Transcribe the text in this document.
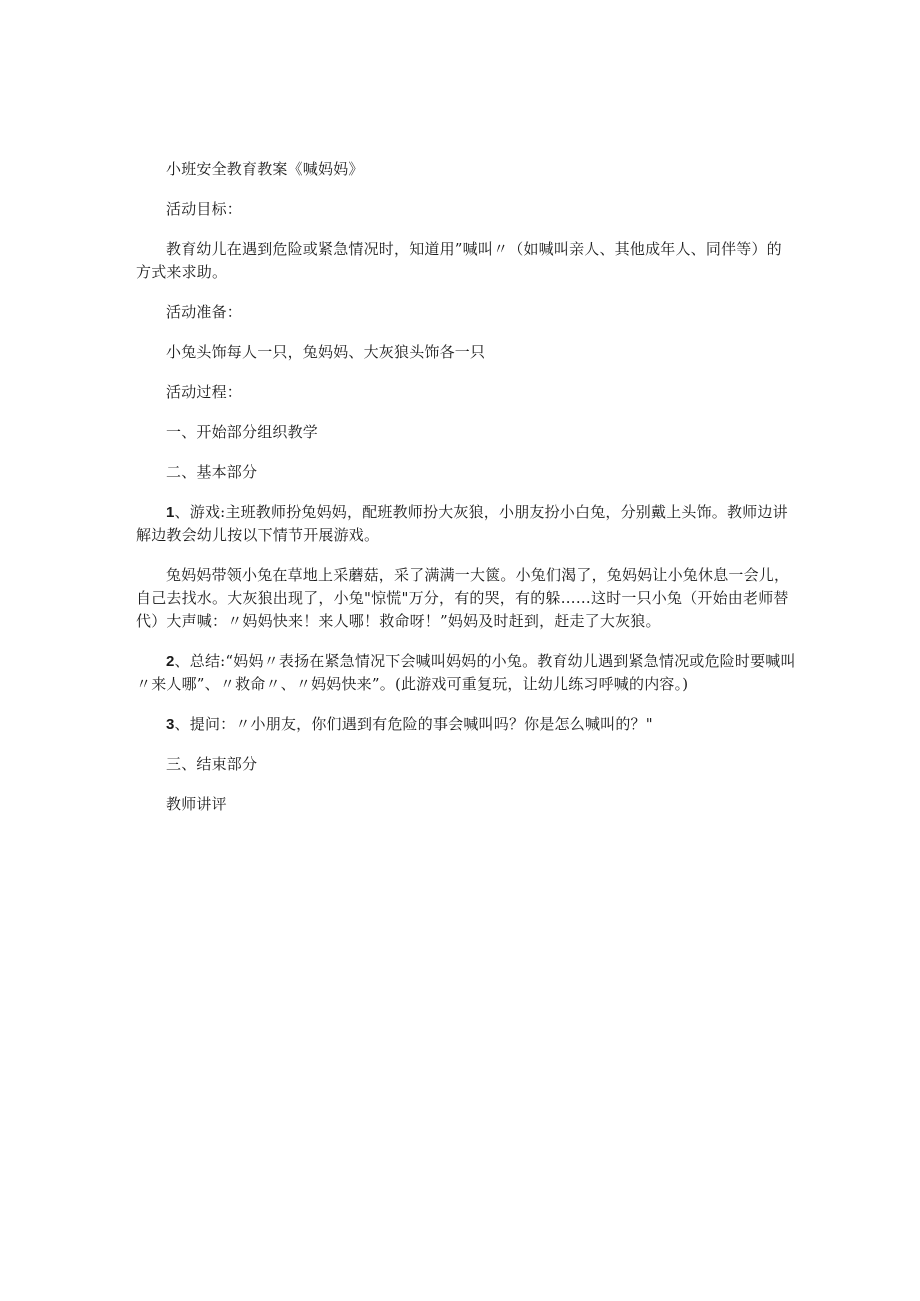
小班安全教育教案《喊妈妈》

活动目标：

教育幼儿在遇到危险或紧急情况时，知道用”喊叫〃（如喊叫亲人、其他成年人、同伴等）的方式来求助。

活动准备：

小兔头饰每人一只，兔妈妈、大灰狼头饰各一只

活动过程：

一、开始部分组织教学

二、基本部分

1、游戏:主班教师扮兔妈妈，配班教师扮大灰狼，小朋友扮小白兔，分别戴上头饰。教师边讲解边教会幼儿按以下情节开展游戏。

兔妈妈带领小兔在草地上采蘑菇，采了满满一大篋。小兔们渴了，兔妈妈让小兔休息一会儿，自己去找水。大灰狼出现了，小兔"惊慌"万分，有的哭，有的躲……这时一只小兔（开始由老师替代）大声喊：〃妈妈快来！来人哪！救命呀！”妈妈及时赶到，赶走了大灰狼。

2、总结:“妈妈〃表扬在紧急情况下会喊叫妈妈的小兔。教育幼儿遇到紧急情况或危险时要喊叫〃来人哪”、〃救命〃、〃妈妈快来”。(此游戏可重复玩，让幼儿练习呼喊的内容。)

3、提问：〃小朋友，你们遇到有危险的事会喊叫吗？你是怎么喊叫的？"

三、结束部分

教师讲评
